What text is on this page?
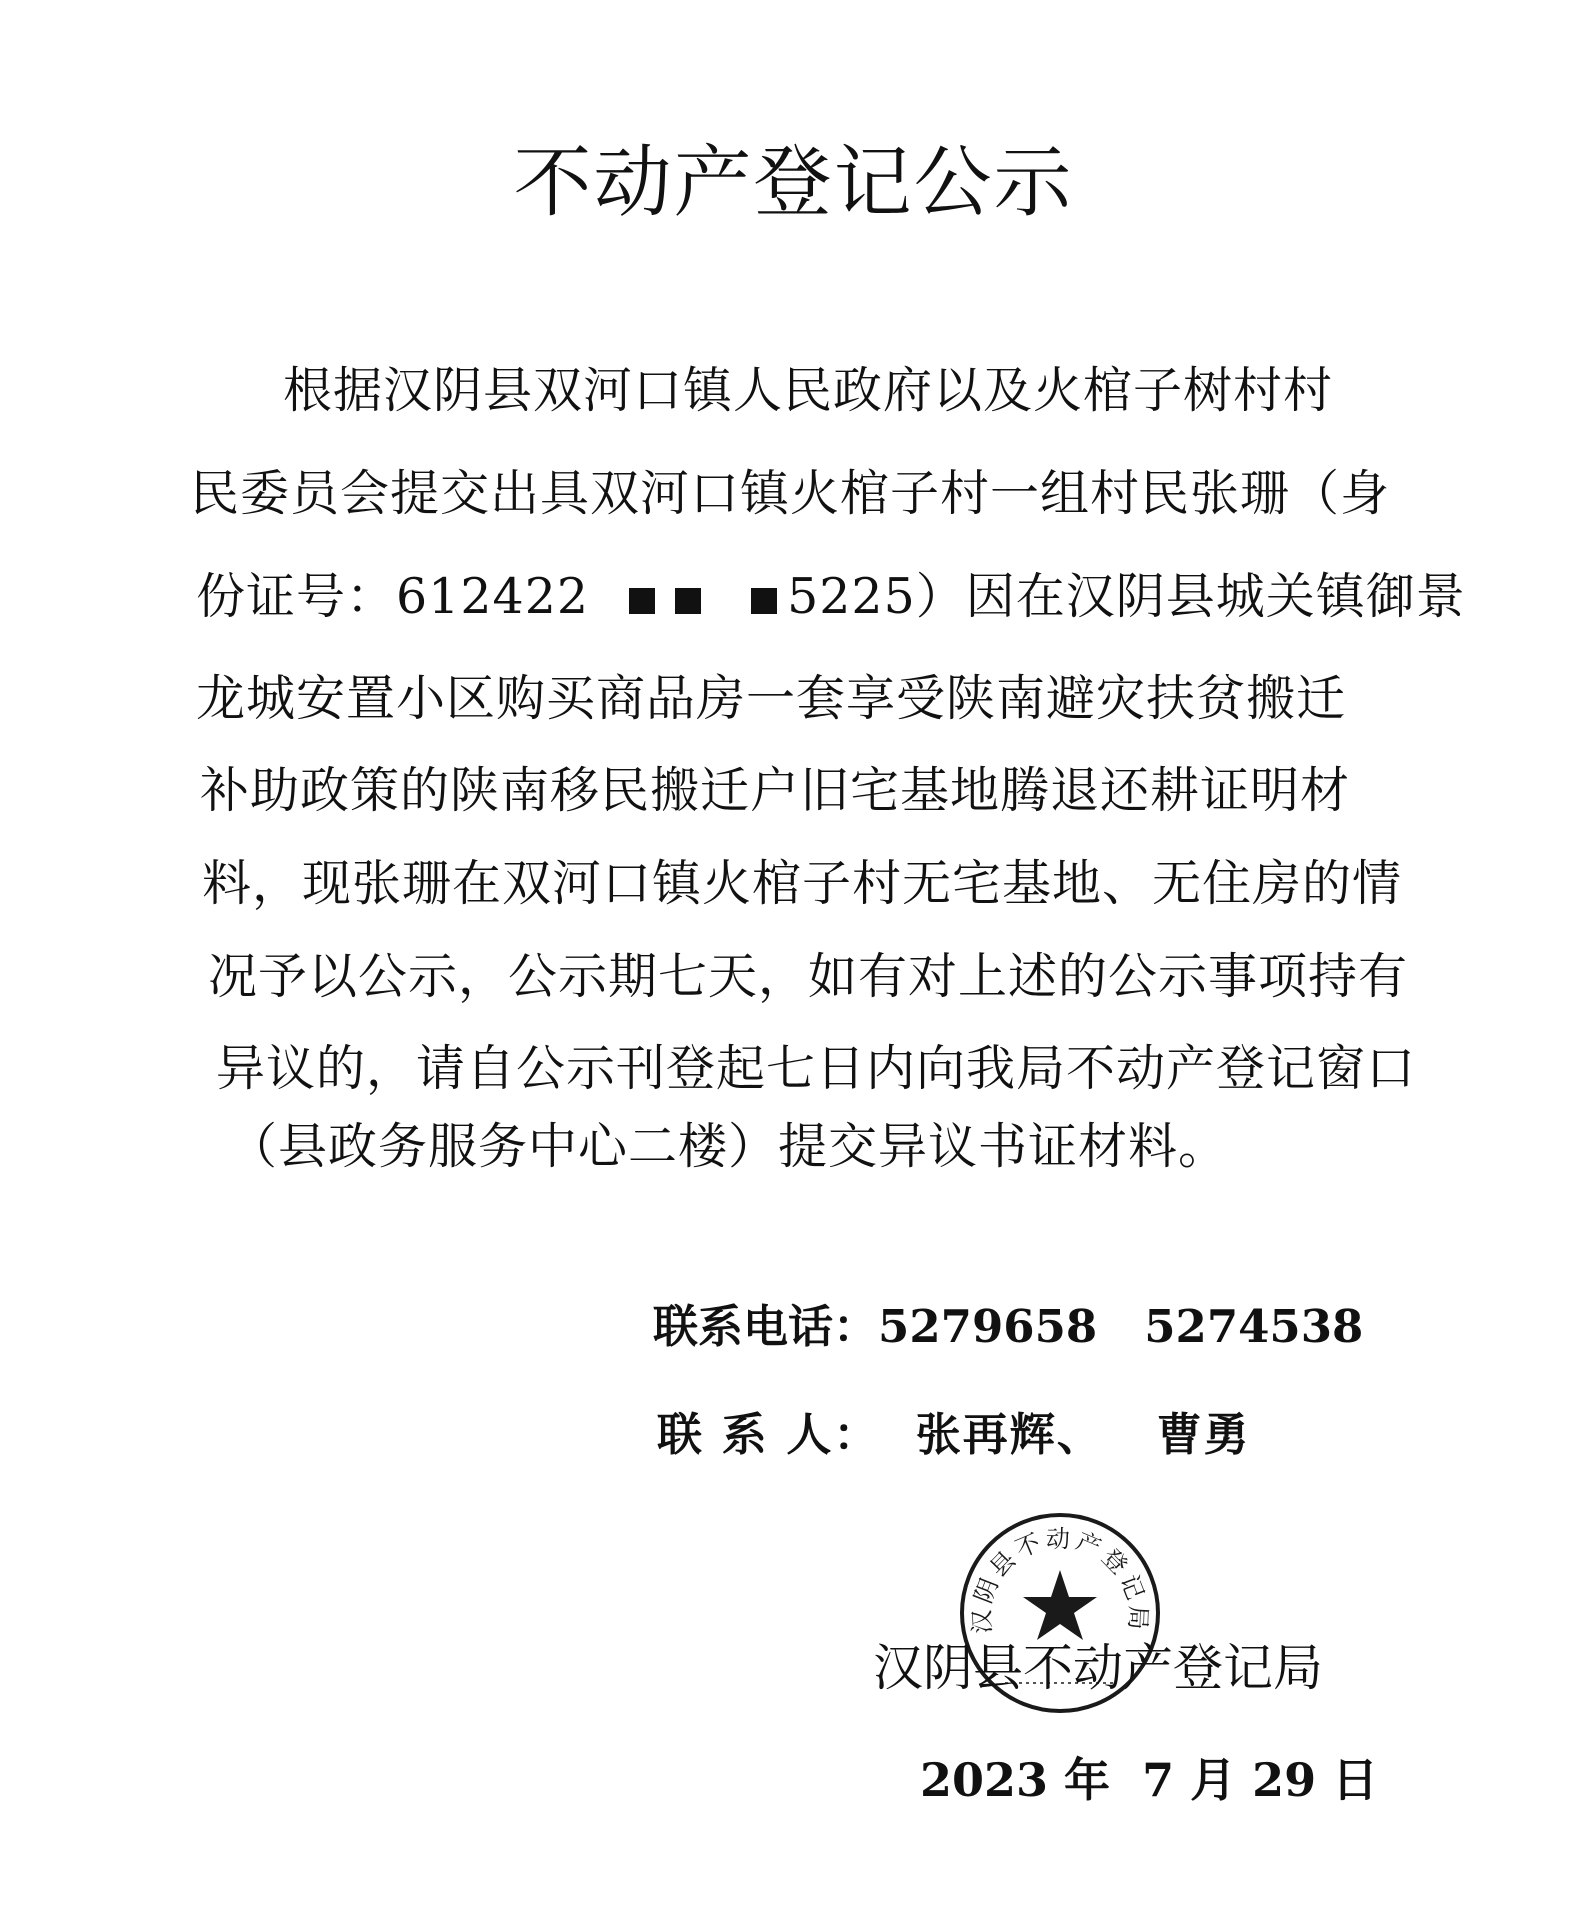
不动产登记公示
根据汉阴县双河口镇人民政府以及火棺子树村村
民委员会提交出具双河口镇火棺子村一组村民张珊（身
份证号：612422	5225）因在汉阴县城关镇御景
龙城安置小区购买商品房一套享受陕南避灾扶贫搬迁
补助政策的陕南移民搬迁户旧宅基地腾退还耕证明材
料，现张珊在双河口镇火棺子村无宅基地、无住房的情
况予以公示，公示期七天，如有对上述的公示事项持有
异议的，请自公示刊登起七日内向我局不动产登记窗口
（县政务服务中心二楼）提交异议书证材料。
联系电话：5279658   5274538
联 系 人： 张再辉、   曹勇
汉阴县不动产登记局
汉阴县不动产登记局
2023 年  7 月 29 日
